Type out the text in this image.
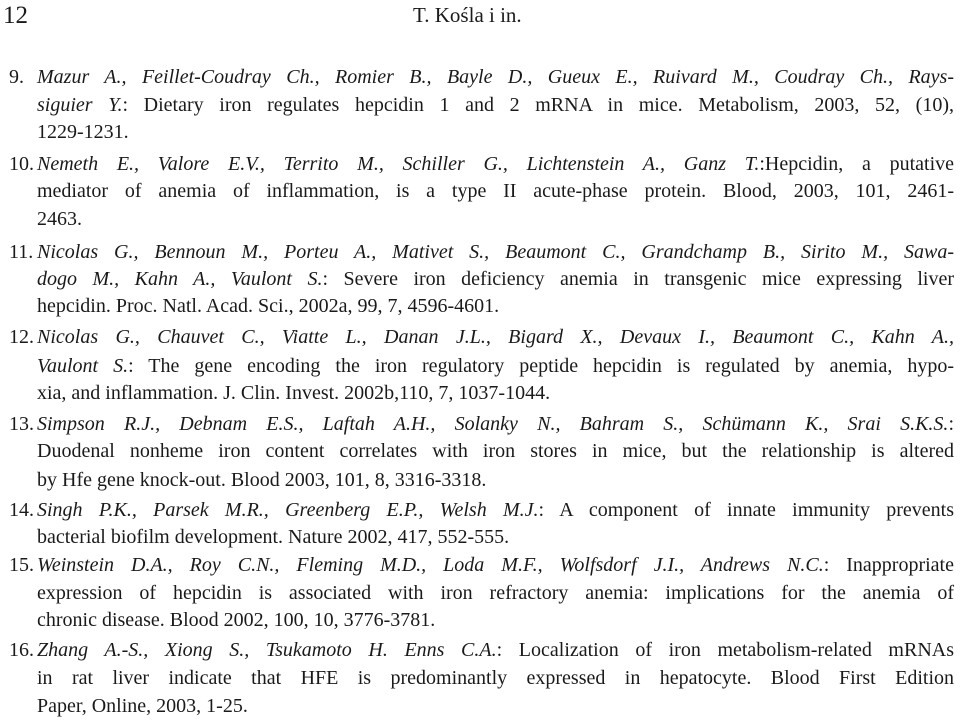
12	T. Kośla i in.
9. Mazur A., Feillet-Coudray Ch., Romier B., Bayle D., Gueux E., Ruivard M., Coudray Ch., Rays-
siguier Y.: Dietary iron regulates hepcidin 1 and 2 mRNA in mice. Metabolism, 2003, 52, (10),
1229-1231.
10. Nemeth E., Valore E.V., Territo M., Schiller G., Lichtenstein A., Ganz T.:Hepcidin, a putative
mediator of anemia of inflammation, is a type II acute-phase protein. Blood, 2003, 101, 2461-
2463.
11. Nicolas G., Bennoun M., Porteu A., Mativet S., Beaumont C., Grandchamp B., Sirito M., Sawa-
dogo M., Kahn A., Vaulont S.: Severe iron deficiency anemia in transgenic mice expressing liver
hepcidin. Proc. Natl. Acad. Sci., 2002a, 99, 7, 4596-4601.
12. Nicolas G., Chauvet C., Viatte L., Danan J.L., Bigard X., Devaux I., Beaumont C., Kahn A.,
Vaulont S.: The gene encoding the iron regulatory peptide hepcidin is regulated by anemia, hypo-
xia, and inflammation. J. Clin. Invest. 2002b,110, 7, 1037-1044.
13. Simpson R.J., Debnam E.S., Laftah A.H., Solanky N., Bahram S., Schümann K., Srai S.K.S.:
Duodenal nonheme iron content correlates with iron stores in mice, but the relationship is altered
by Hfe gene knock-out. Blood 2003, 101, 8, 3316-3318.
14. Singh P.K., Parsek M.R., Greenberg E.P., Welsh M.J.: A component of innate immunity prevents
bacterial biofilm development. Nature 2002, 417, 552-555.
15. Weinstein D.A., Roy C.N., Fleming M.D., Loda M.F., Wolfsdorf J.I., Andrews N.C.: Inappropriate
expression of hepcidin is associated with iron refractory anemia: implications for the anemia of
chronic disease. Blood 2002, 100, 10, 3776-3781.
16. Zhang A.-S., Xiong S., Tsukamoto H. Enns C.A.: Localization of iron metabolism-related mRNAs
in rat liver indicate that HFE is predominantly expressed in hepatocyte. Blood First Edition
Paper, Online, 2003, 1-25.
